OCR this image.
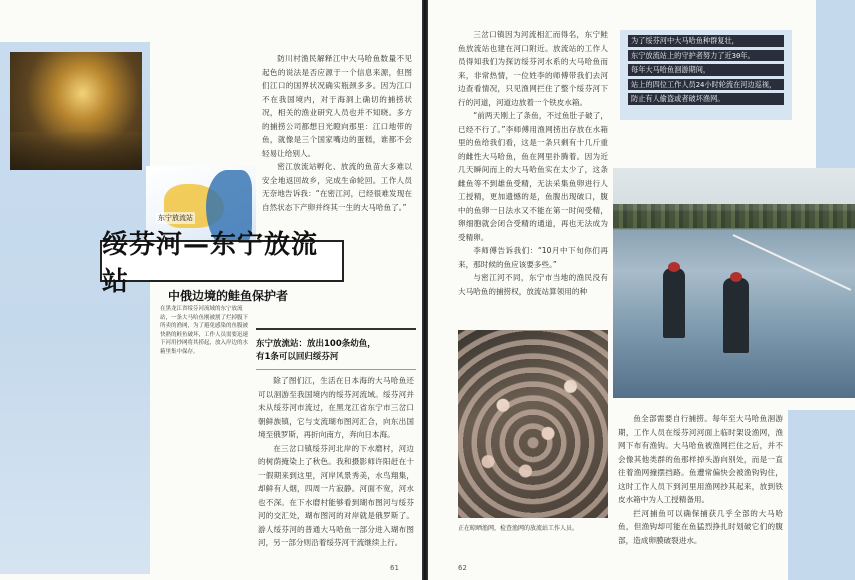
东宁放流站

防川村渔民解释江中大马哈鱼数量不见起色的说法是否应源于一个信息来源，但图们江口的国界状况确实瓶颈多多。因为江口不在我国境内，对于海洞上确切的捕捞状况，相关的渔业研究人员也并不知晓。多方的捕捞公司都想日光瞪向那里：江口地带的鱼，就像是三个国家嘴边的蛋糕，谁都不会轻易让给别人。

密江放流站孵化、放流的鱼苗大多难以安全地返回故乡，完成生命轮回。工作人员无奈地告诉我：“在密江河，已经很难发现在自然状态下产卵并终其一生的大马哈鱼了。”

绥芬河—东宁放流站	中俄边境的鲑鱼保护者
在黑龙江省绥芬河流域的东宁放流站，一条大马哈鱼刚被割了烂掉腹下所卖的渔网，为了避免感染的鱼腹被快熟的鲑鱼破坏，工作人员需要迅速下河用抄网将其捞起，放入岸边的水箱里集中保存。
东宁放流站：放出100条幼鱼，
有1条可以回归绥芬河

除了图们江，生活在日本海的大马哈鱼还可以洄游至我国境内的绥芬河流域。绥芬河并未从绥芬河市流过，在黑龙江省东宁市三岔口朝鲜族镇，它与支流瑚布图河汇合，向东出国境至俄罗斯，再折向南方，奔向日本海。

在三岔口镇绥芬河北岸的下水磨村，河边的树荫掩染上了秋色。我和摄影师许阳赶在十一假期来到这里，河岸风景秀美，水鸟翔集，却鲜有人烟，四周一片寂静。河面不宽，河水也不深。在下水磨村能够看到瑚布图河与绥芬河的交汇处，瑚布图河的对岸就是俄罗斯了。游人绥芬河的普通大马哈鱼一部分进入瑚布图河，另一部分则沿着绥芬河干流继续上行。

61

三岔口镇因为河流相汇而得名，东宁鲑鱼放流站也建在河口附近。放流站的工作人员得知我们为探访绥芬河水系的大马哈鱼而来，非常热情，一位姓李的师傅带我们去河边查看情况，只见渔网拦住了整个绥芬河下行的河道，河道边放着一个铁皮水箱。

“前两天刚上了条鱼，不过鱼肚子破了，已经不行了。”李师傅用渔网捞出存放在水箱里的鱼给我们看，这是一条只剩有十几斤重的雌性大马哈鱼，鱼在网里扑腾着。因为近几天瞬间而上的大马哈鱼实在太少了，这条雌鱼等不到雄鱼受精，无法采集鱼卵进行人工授精，更加遗憾的是，鱼腹出现破口，腹中的鱼卵一日法水又不能在第一时间受精，卵细胞就会闭合受精的通道，再也无法成为受精卵。

李师傅告诉我们：“10月中下旬你们再来，那时候的鱼应该要多些。”

与密江河不同，东宁市当地的渔民没有大马哈鱼的捕捞权，放流站算领用的种

为了绥芬河中大马哈鱼种群复壮，
东宁放流站上的守护者努力了近30年。
每年大马哈鱼洄游期间，
站上的四位工作人员24小时轮流在河边巡视，
防止有人偷盗或者破坏渔网。
正在晾晒渔网，检查渔网的放流站工作人员。

鱼全部需要自行捕捞。每年至大马哈鱼洄游期，工作人员在绥芬河河面上临时架设渔网，渔网下布有渔钩。大马哈鱼被渔网拦住之后，并不会像其他类群的鱼那样掉头游向别处，而是一直往着渔网撞摆挡路。鱼遭常偏快会被渔钩钩住，这时工作人员下到河里用渔网抄其起来，放到铁皮水箱中为人工授精备用。

拦河捕鱼可以确保捕获几乎全部的大马哈鱼，但渔钩却可能在鱼猛烈挣扎时划破它们的腹部，造成卵膜破裂进水。

62
